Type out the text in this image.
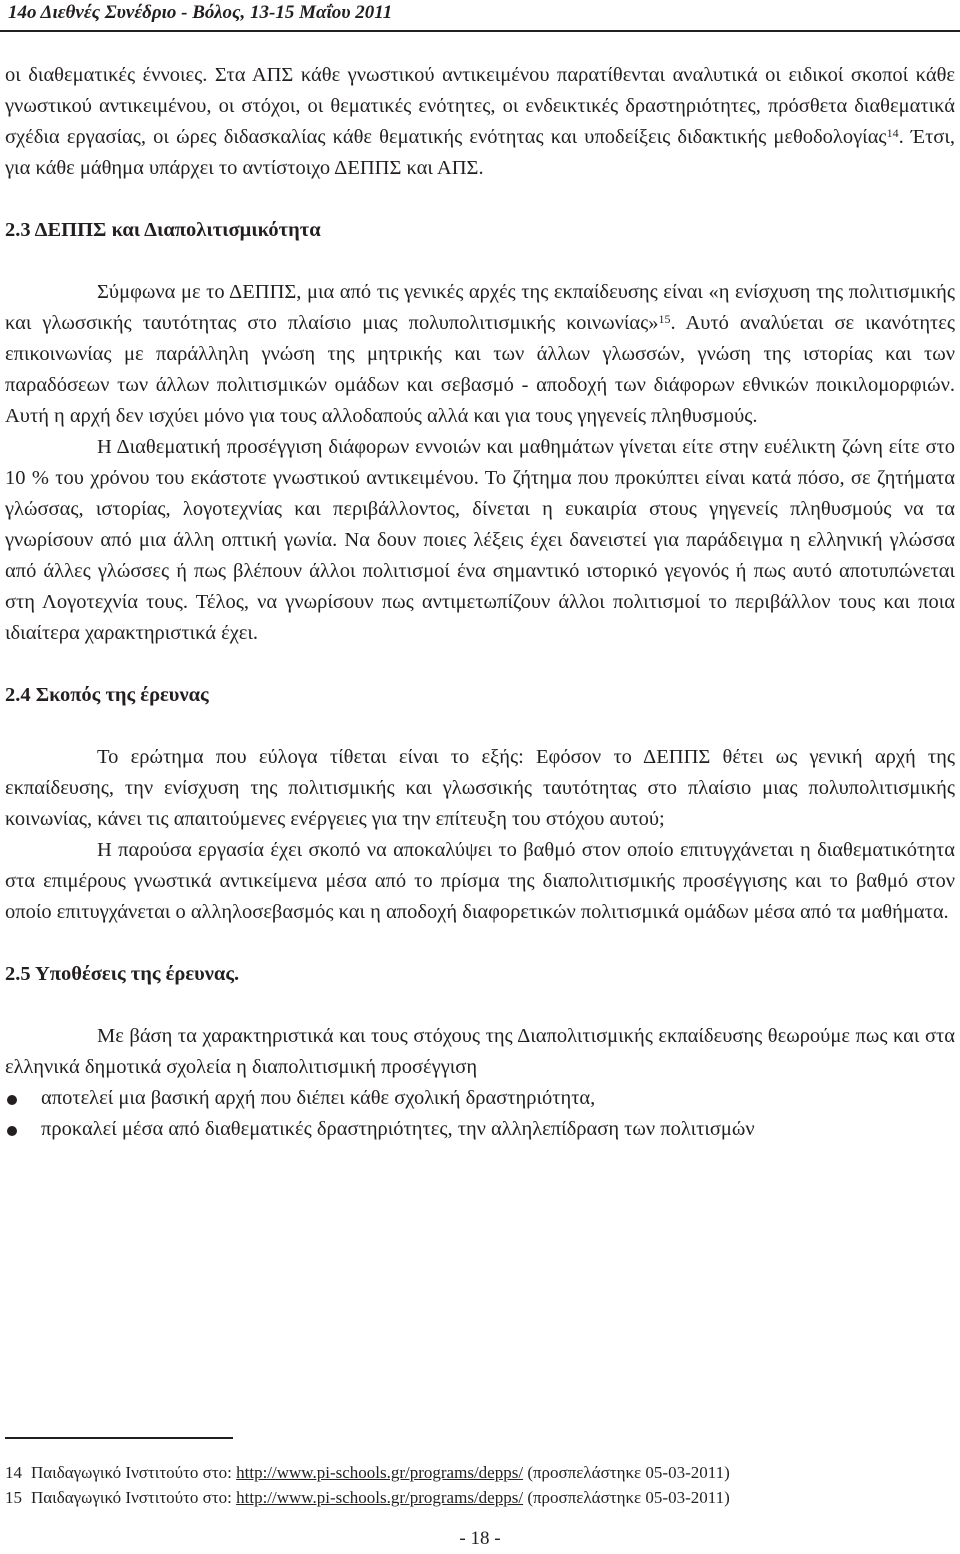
14ο Διεθνές Συνέδριο - Βόλος, 13-15 Μαΐου 2011

οι διαθεματικές έννοιες. Στα ΑΠΣ κάθε γνωστικού αντικειμένου παρατίθενται αναλυτικά οι ειδικοί σκοποί κάθε γνωστικού αντικειμένου, οι στόχοι, οι θεματικές ενότητες, οι ενδεικτικές δραστηριότητες, πρόσθετα διαθεματικά σχέδια εργασίας, οι ώρες διδασκαλίας κάθε θεματικής ενότητας και υποδείξεις διδακτικής μεθοδολογίας$^{14}$. Έτσι, για κάθε μάθημα υπάρχει το αντίστοιχο ΔΕΠΠΣ και ΑΠΣ.

2.3 ΔΕΠΠΣ και Διαπολιτισμικότητα

Σύμφωνα με το ΔΕΠΠΣ, μια από τις γενικές αρχές της εκπαίδευσης είναι «η ενίσχυση της πολιτισμικής και γλωσσικής ταυτότητας στο πλαίσιο μιας πολυπολιτισμικής κοινωνίας»$^{15}$. Αυτό αναλύεται σε ικανότητες επικοινωνίας με παράλληλη γνώση της μητρικής και των άλλων γλωσσών, γνώση της ιστορίας και των παραδόσεων των άλλων πολιτισμικών ομάδων και σεβασμό - αποδοχή των διάφορων εθνικών ποικιλομορφιών. Αυτή η αρχή δεν ισχύει μόνο για τους αλλοδαπούς αλλά και για τους γηγενείς πληθυσμούς.

Η Διαθεματική προσέγγιση διάφορων εννοιών και μαθημάτων γίνεται είτε στην ευέλικτη ζώνη είτε στο 10 % του χρόνου του εκάστοτε γνωστικού αντικειμένου. Το ζήτημα που προκύπτει είναι κατά πόσο, σε ζητήματα γλώσσας, ιστορίας, λογοτεχνίας και περιβάλλοντος, δίνεται η ευκαιρία στους γηγενείς πληθυσμούς να τα γνωρίσουν από μια άλλη οπτική γωνία. Να δουν ποιες λέξεις έχει δανειστεί για παράδειγμα η ελληνική γλώσσα από άλλες γλώσσες ή πως βλέπουν άλλοι πολιτισμοί ένα σημαντικό ιστορικό γεγονός ή πως αυτό αποτυπώνεται στη Λογοτεχνία τους. Τέλος, να γνωρίσουν πως αντιμετωπίζουν άλλοι πολιτισμοί το περιβάλλον τους και ποια ιδιαίτερα χαρακτηριστικά έχει.

2.4 Σκοπός της έρευνας

Το ερώτημα που εύλογα τίθεται είναι το εξής: Εφόσον το ΔΕΠΠΣ θέτει ως γενική αρχή της εκπαίδευσης, την ενίσχυση της πολιτισμικής και γλωσσικής ταυτότητας στο πλαίσιο μιας πολυπολιτισμικής κοινωνίας, κάνει τις απαιτούμενες ενέργειες για την επίτευξη του στόχου αυτού;

Η παρούσα εργασία έχει σκοπό να αποκαλύψει το βαθμό στον οποίο επιτυγχάνεται η διαθεματικότητα στα επιμέρους γνωστικά αντικείμενα μέσα από το πρίσμα της διαπολιτισμικής προσέγγισης και το βαθμό στον οποίο επιτυγχάνεται ο αλληλοσεβασμός και η αποδοχή διαφορετικών πολιτισμικά ομάδων μέσα από τα μαθήματα.

2.5 Υποθέσεις της έρευνας.

Με βάση τα χαρακτηριστικά και τους στόχους της Διαπολιτισμικής εκπαίδευσης θεωρούμε πως και στα ελληνικά δημοτικά σχολεία η διαπολιτισμική προσέγγιση

αποτελεί μια βασική αρχή που διέπει κάθε σχολική δραστηριότητα,
προκαλεί μέσα από διαθεματικές δραστηριότητες, την αλληλεπίδραση των πολιτισμών
14 Παιδαγωγικό Ινστιτούτο στο: http://www.pi-schools.gr/programs/depps/ (προσπελάστηκε 05-03-2011)
15 Παιδαγωγικό Ινστιτούτο στο: http://www.pi-schools.gr/programs/depps/ (προσπελάστηκε 05-03-2011)
- 18 -
